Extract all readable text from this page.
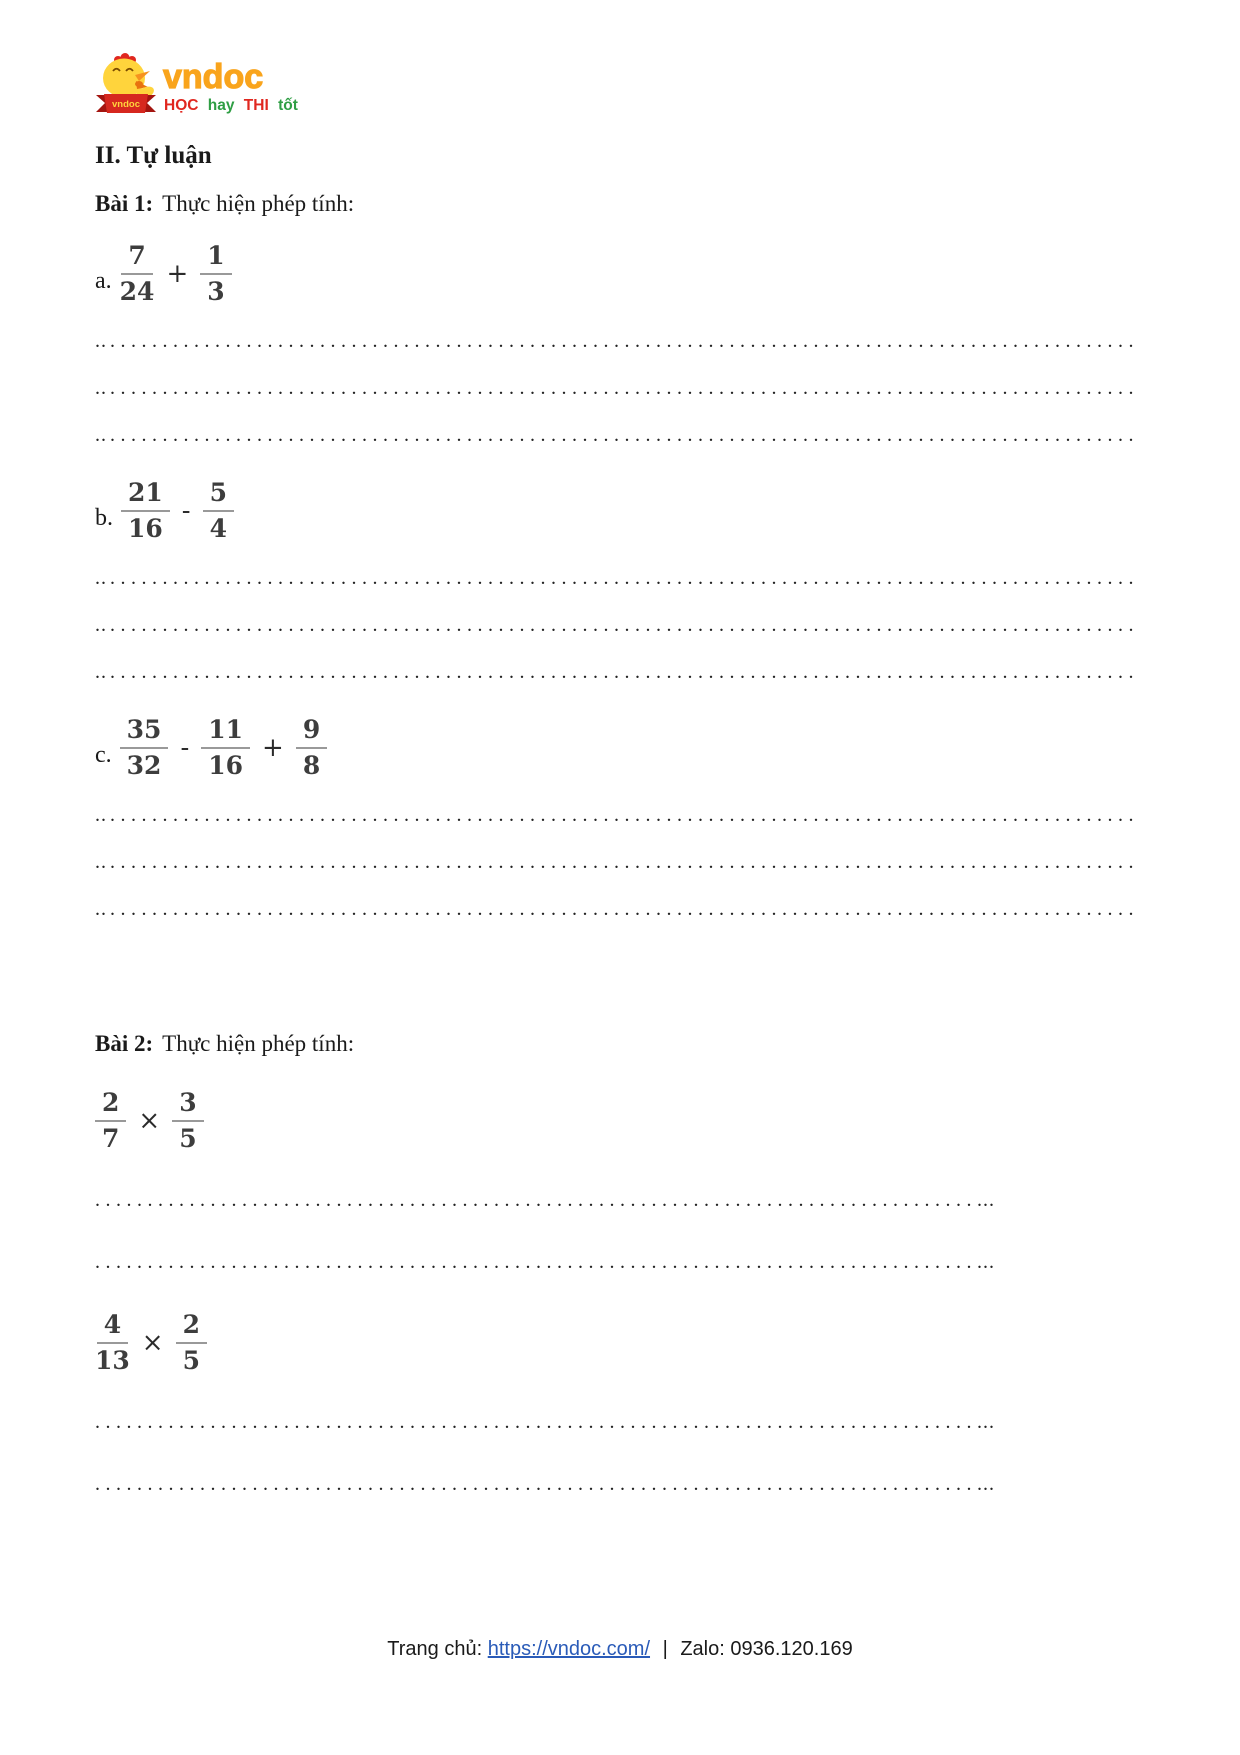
vndoc
vndoc
HỌC hay THI tốt
II. Tự luận

Bài 1: Thực hiện phép tính:

a. $\frac{7}{24} + \frac{1}{3}$
.. ..................................................................................................
.. ..................................................................................................
.. ..................................................................................................
b. $\frac{21}{16} - \frac{5}{4}$
.. ..................................................................................................
.. ..................................................................................................
.. ..................................................................................................
c. $\frac{35}{32} - \frac{11}{16} + \frac{9}{8}$
.. ..................................................................................................
.. ..................................................................................................
.. ..................................................................................................

Bài 2: Thực hiện phép tính:

$\frac{2}{7} \times \frac{3}{5}$
.......................................................................................
.......................................................................................
$\frac{4}{13} \times \frac{2}{5}$
.......................................................................................
.......................................................................................
Trang chủ: https://vndoc.com/ | Zalo: 0936.120.169
